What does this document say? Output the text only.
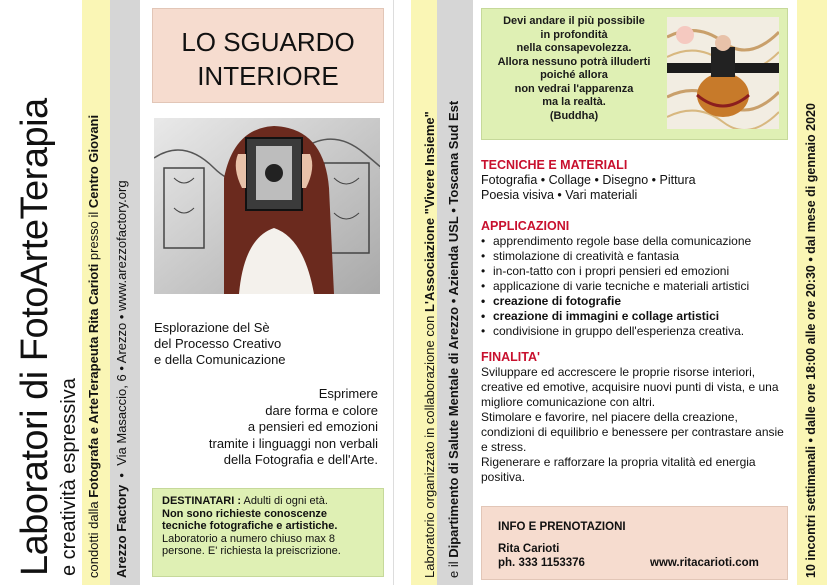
Laboratori di FotoArteTerapia e creatività espressiva condotti dalla Fotografa e ArteTerapeuta Rita Carioti presso il Centro Giovani
Arezzo Factory  •  Via Masaccio, 6 • Arezzo • www.arezzofactory.org
LO SGUARDO
INTERIORE
Esplorazione del Sè
del Processo Creativo
e della Comunicazione
Esprimere
dare forma e colore
a pensieri ed emozioni
tramite i linguaggi non verbali
della Fotografia e dell'Arte.
DESTINATARI : Adulti di ogni età.
Non sono richieste conoscenze tecniche fotografiche e artistiche.
Laboratorio a numero chiuso max 8 persone. E' richiesta la preiscrizione.	Laboratorio organizzato in collaborazione con L'Associazione "Vivere Insieme"
e il Dipartimento di Salute Mentale di Arezzo • Azienda USL • Toscana Sud Est
Devi andare il più possibile
in profondità
nella consapevolezza.
Allora nessuno potrà illuderti
poiché allora
non vedrai l'apparenza
ma la realtà.
(Buddha)
TECNICHE E MATERIALI
Fotografia • Collage • Disegno • Pittura
Poesia visiva • Vari materiali
APPLICAZIONI
• apprendimento regole base della comunicazione
• stimolazione di creatività e fantasia
• in-con-tatto con i propri pensieri ed emozioni
• applicazione di varie tecniche e materiali artistici
• creazione di fotografie
• creazione di immagini e collage artistici
• condivisione in gruppo dell'esperienza creativa.
FINALITA'
Sviluppare ed accrescere le proprie risorse interiori, creative ed emotive, acquisire nuovi punti di vista, e una migliore comunicazione con altri.
Stimolare e favorire, nel piacere della creazione, condizioni di equilibrio e benessere per contrastare ansie e stress.
Rigenerare e rafforzare la propria vitalità ed energia positiva.
INFO E PRENOTAZIONI
Rita Carioti
ph. 333 1153376	www.ritacarioti.com	10 incontri settimanali • dalle ore 18:00 alle ore 20:30 • dal mese di gennaio 2020
